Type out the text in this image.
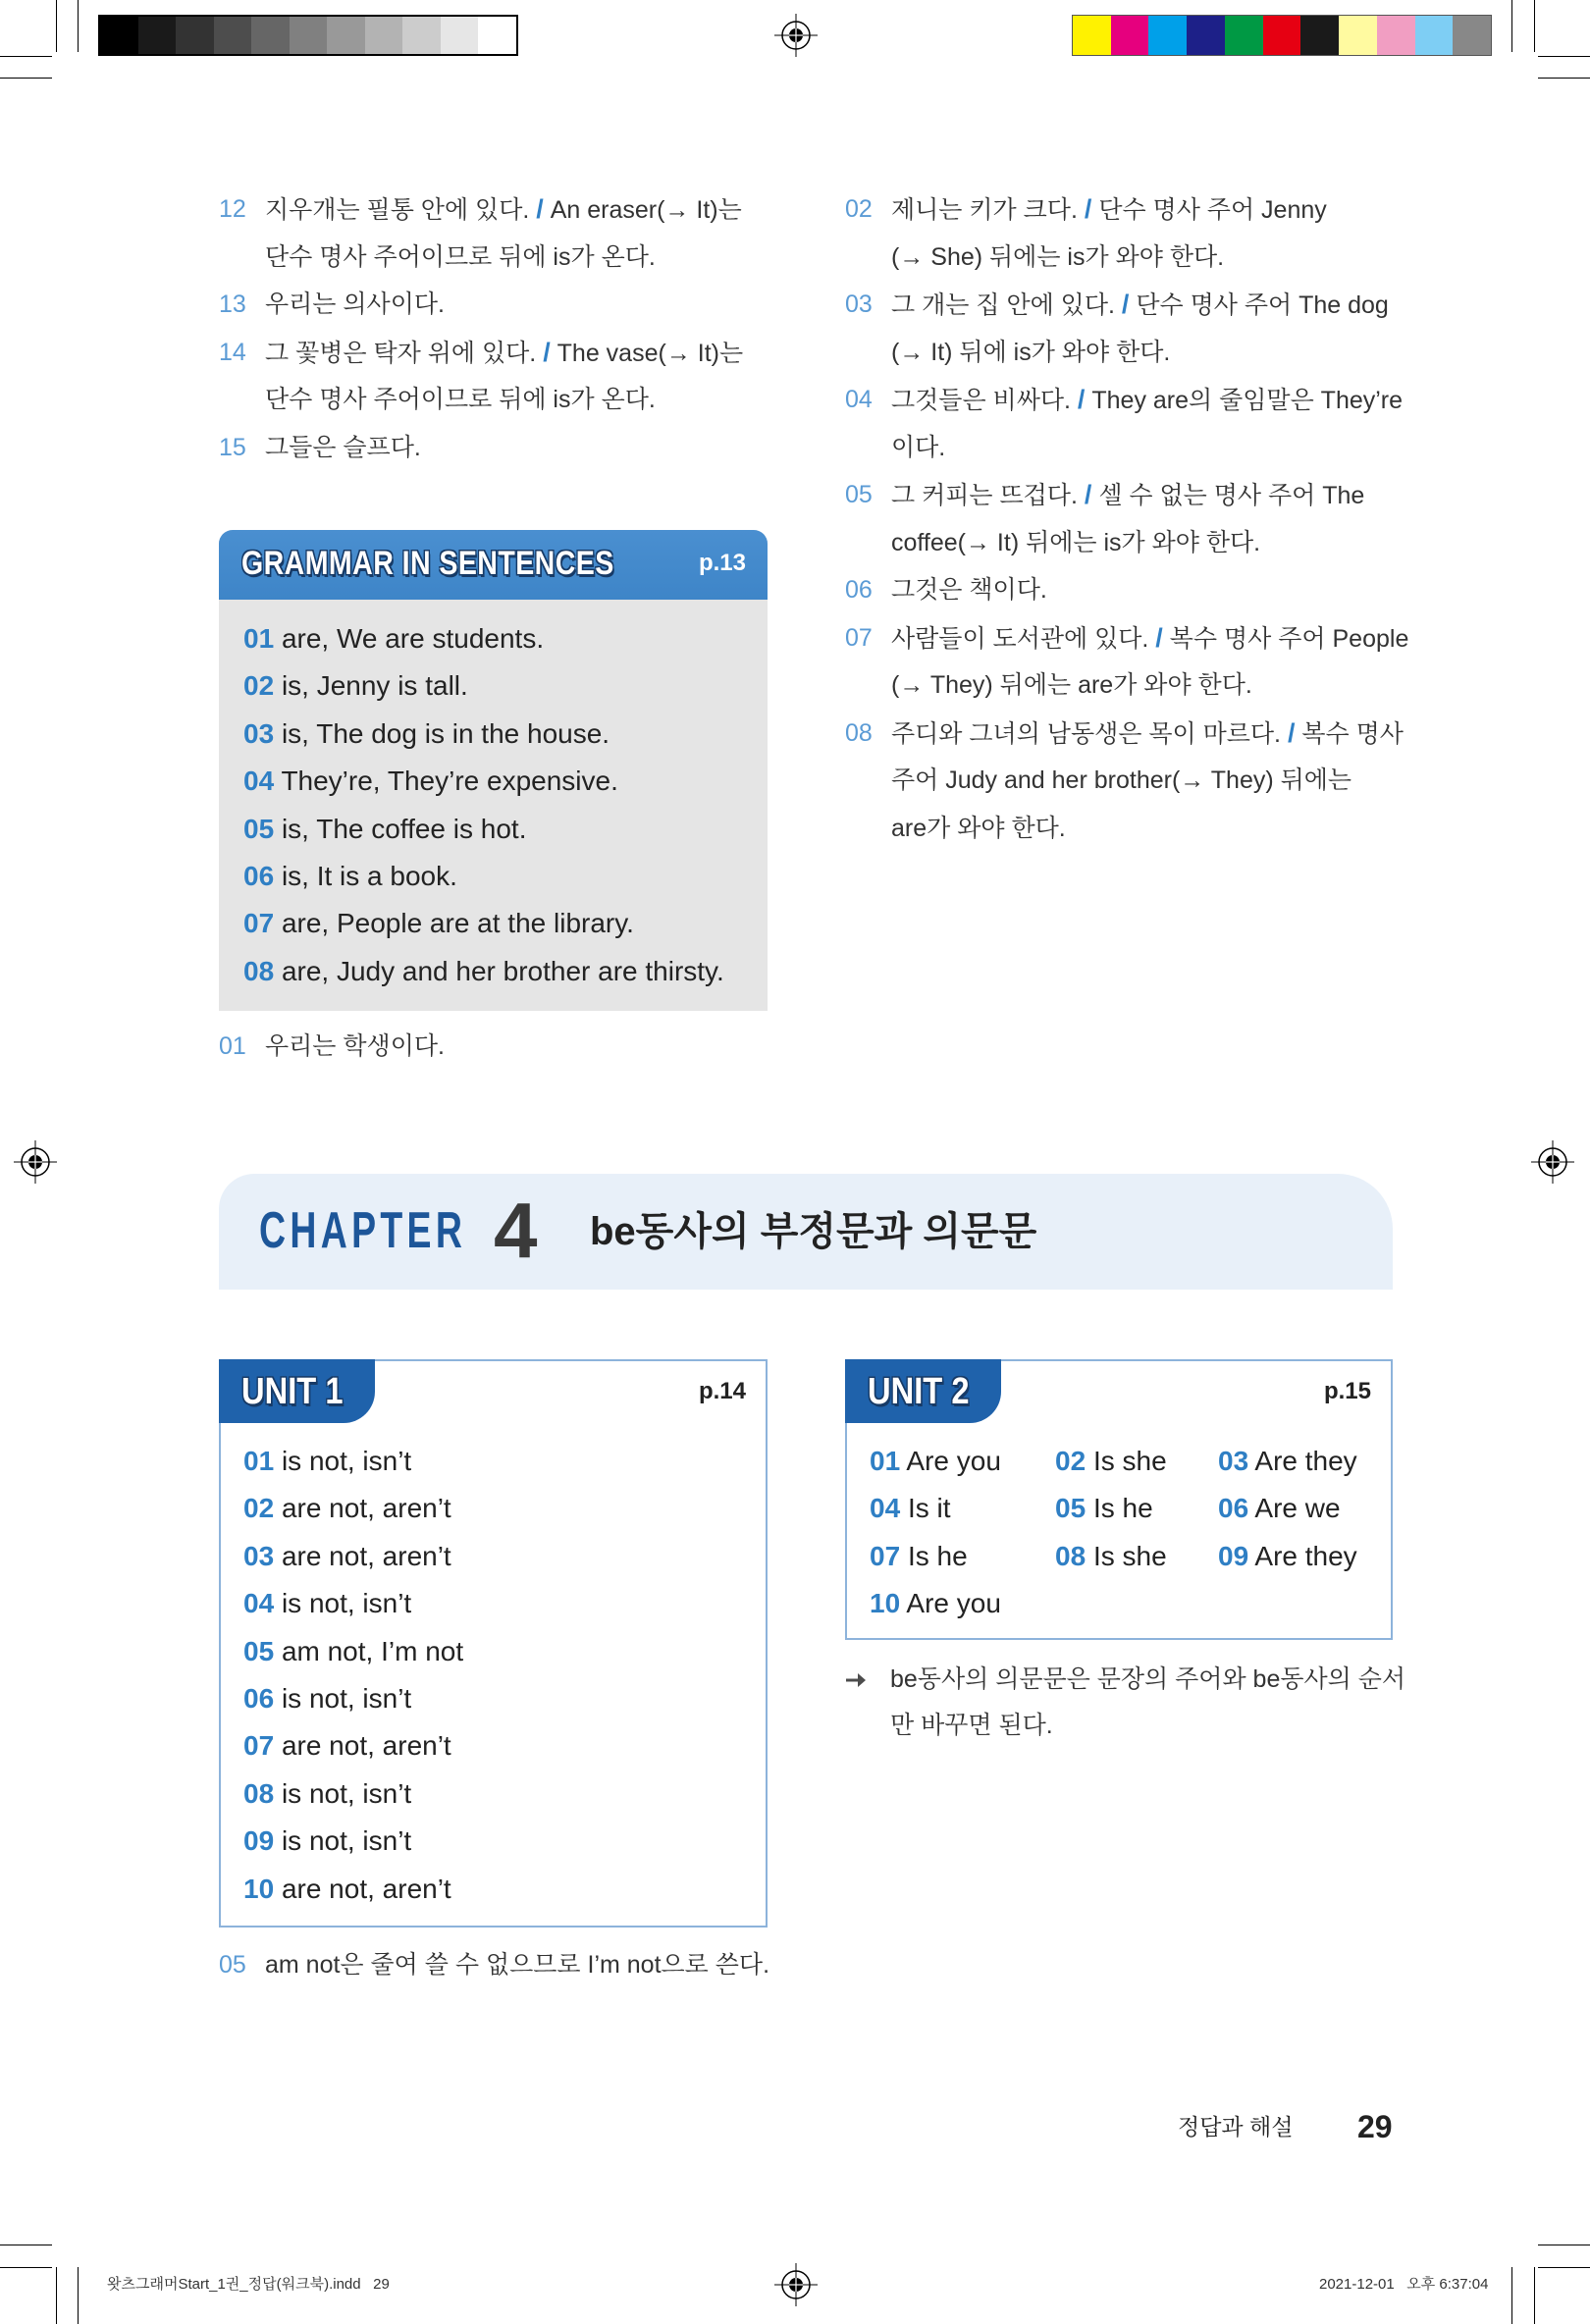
12 지우개는 필통 안에 있다. / An eraser(→ It)는
단수 명사 주어이므로 뒤에 is가 온다.
13 우리는 의사이다.
14 그 꽃병은 탁자 위에 있다. / The vase(→ It)는
단수 명사 주어이므로 뒤에 is가 온다.
15 그들은 슬프다.
GRAMMAR IN SENTENCES	p.13
01 are, We are students.
02 is, Jenny is tall.
03 is, The dog is in the house.
04 They’re, They’re expensive.
05 is, The coffee is hot.
06 is, It is a book.
07 are, People are at the library.
08 are, Judy and her brother are thirsty.
01 우리는 학생이다.
02 제니는 키가 크다. / 단수 명사 주어 Jenny
(→ She) 뒤에는 is가 와야 한다.
03 그 개는 집 안에 있다. / 단수 명사 주어 The dog
(→ It) 뒤에 is가 와야 한다.
04 그것들은 비싸다. / They are의 줄임말은 They’re
이다.
05 그 커피는 뜨겁다. / 셀 수 없는 명사 주어 The
coffee(→ It) 뒤에는 is가 와야 한다.
06 그것은 책이다.
07 사람들이 도서관에 있다. / 복수 명사 주어 People
(→ They) 뒤에는 are가 와야 한다.
08 주디와 그녀의 남동생은 목이 마르다. / 복수 명사
주어 Judy and her brother(→ They) 뒤에는
are가 와야 한다.
CHAPTER 4 be동사의 부정문과 의문문
UNIT 1	p.14
01 is not, isn’t
02 are not, aren’t
03 are not, aren’t
04 is not, isn’t
05 am not, I’m not
06 is not, isn’t
07 are not, aren’t
08 is not, isn’t
09 is not, isn’t
10 are not, aren’t
05 am not은 줄여 쓸 수 없으므로 I’m not으로 쓴다.
UNIT 2	p.15
01 Are you	02 Is she	03 Are they
04 Is it	05 Is he	06 Are we
07 Is he	08 Is she	09 Are they
10 Are you
be동사의 의문문은 문장의 주어와 be동사의 순서
만 바꾸면 된다.
정답과 해설 29
왓츠그래머Start_1권_정답(워크북).indd   29	2021-12-01   오후 6:37:04
